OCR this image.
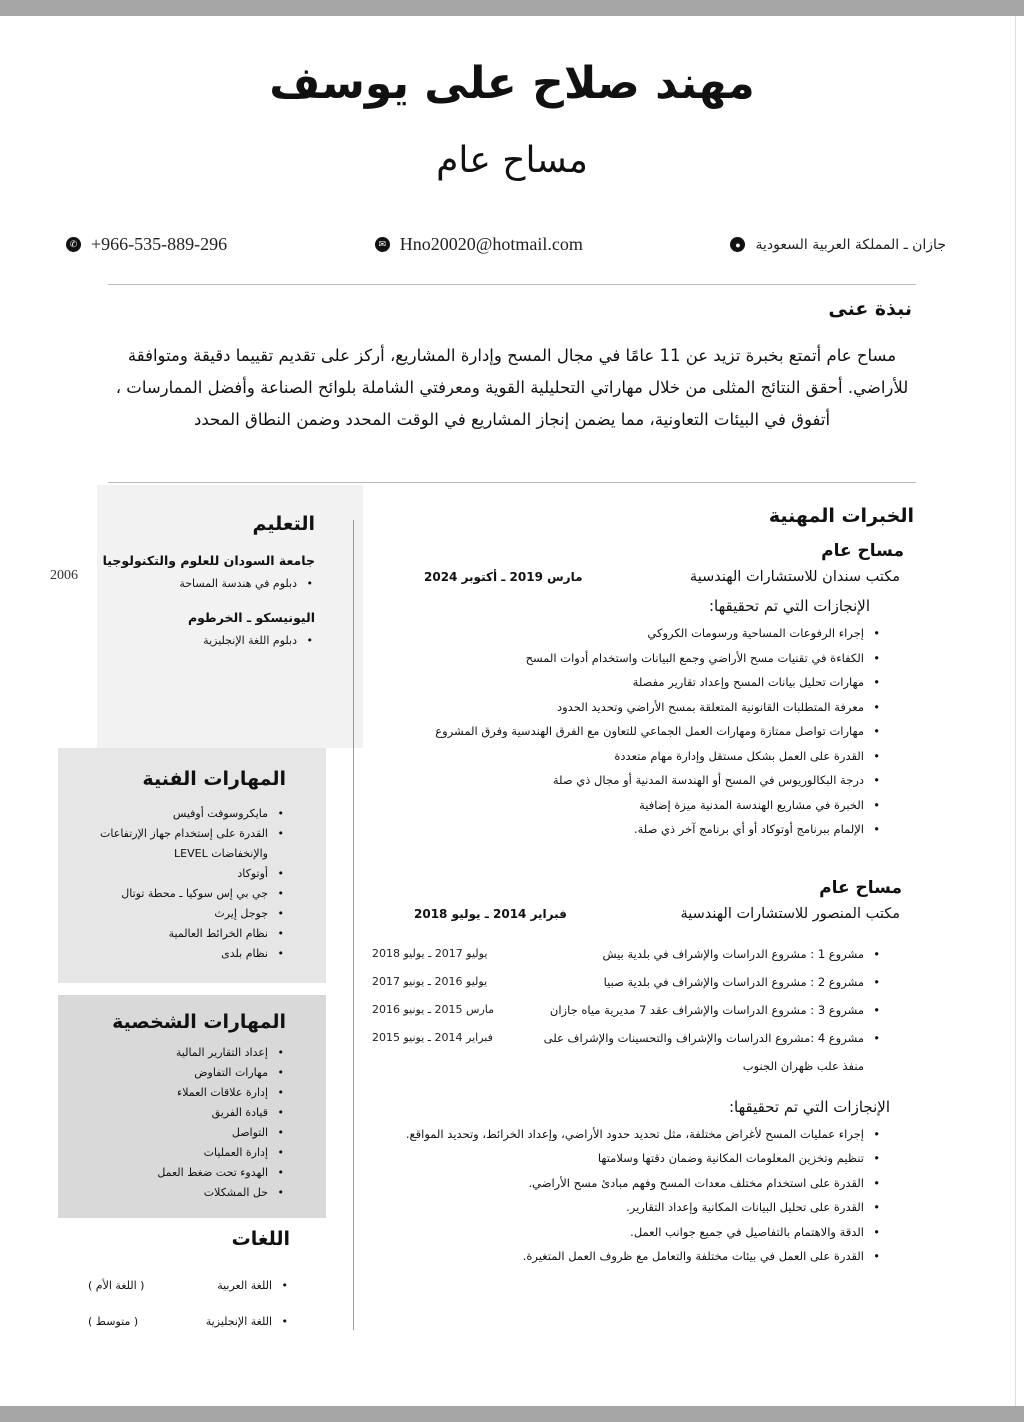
مهند صلاح على يوسف
مساح عام
✆ +966-535-889-296	✉ Hno20020@hotmail.com	●	جازان ـ المملكة العربية السعودية
نبذة عنى

مساح عام أتمتع بخبرة تزيد عن 11 عامًا في مجال المسح وإدارة المشاريع، أركز على تقديم تقييما دقيقة ومتوافقة للأراضي. أحقق النتائج المثلى من خلال مهاراتي التحليلية القوية ومعرفتي الشاملة بلوائح الصناعة وأفضل الممارسات ، أتفوق في البيئات التعاونية، مما يضمن إنجاز المشاريع في الوقت المحدد وضمن النطاق المحدد

التعليم
جامعة السودان للعلوم والتكنولوجيا
• دبلوم في هندسة المساحة
اليونيسكو ـ الخرطوم
• دبلوم اللغة الإنجليزية
2006
المهارات الفنية
• مايكروسوفت أوفيس
• القدرة على إستخدام جهاز الإرتفاعات والإنخفاضات LEVEL
• أوتوكاد
• جي بي إس سوكيا ـ محطة توتال
• جوجل إيرث
• نظام الخرائط العالمية
• نظام بلدى
المهارات الشخصية
• إعداد التقارير المالية
• مهارات التفاوض
• إدارة علاقات العملاء
• قيادة الفريق
• التواصل
• إدارة العمليات
• الهدوء تحت ضغط العمل
• حل المشكلات
اللغات
• اللغة العربية
( اللغة الأم )
• اللغة الإنجليزية
( متوسط )
الخبرات المهنية
مساح عام
مكتب سندان للاستشارات الهندسية
مارس 2019 ـ أكتوبر 2024
الإنجازات التي تم تحقيقها:
• إجراء الرفوعات المساحية ورسومات الكروكي
• الكفاءة في تقنيات مسح الأراضي وجمع البيانات واستخدام أدوات المسح
• مهارات تحليل بيانات المسح وإعداد تقارير مفصلة
• معرفة المتطلبات القانونية المتعلقة بمسح الأراضي وتحديد الحدود
• مهارات تواصل ممتازة ومهارات العمل الجماعي للتعاون مع الفرق الهندسية وفرق المشروع
• القدرة على العمل بشكل مستقل وإدارة مهام متعددة
• درجة البكالوريوس في المسح أو الهندسة المدنية أو مجال ذي صلة
• الخبرة في مشاريع الهندسة المدنية ميزة إضافية
• الإلمام ببرنامج أوتوكاد أو أي برنامج آخر ذي صلة.
مساح عام
مكتب المنصور للاستشارات الهندسية
فبراير 2014 ـ يوليو 2018
• مشروع 1 : مشروع الدراسات والإشراف في بلدية بيش
يوليو 2017 ـ يوليو 2018
• مشروع 2 : مشروع الدراسات والإشراف في بلدية صبيا
يوليو 2016 ـ يونيو 2017
• مشروع 3 : مشروع الدراسات والإشراف عقد 7 مديرية مياه جازان
مارس 2015 ـ يونيو 2016
• مشروع 4 :مشروع الدراسات والإشراف والتحسينات والإشراف على منفذ علب ظهران الجنوب
فبراير 2014 ـ يونيو 2015
الإنجازات التي تم تحقيقها:
• إجراء عمليات المسح لأغراض مختلفة، مثل تحديد حدود الأراضي، وإعداد الخرائط، وتحديد المواقع.
• تنظيم وتخزين المعلومات المكانية وضمان دقتها وسلامتها
• القدرة على استخدام مختلف معدات المسح وفهم مبادئ مسح الأراضي.
• القدرة على تحليل البيانات المكانية وإعداد التقارير.
• الدقة والاهتمام بالتفاصيل في جميع جوانب العمل.
• القدرة على العمل في بيئات مختلفة والتعامل مع ظروف العمل المتغيرة.
